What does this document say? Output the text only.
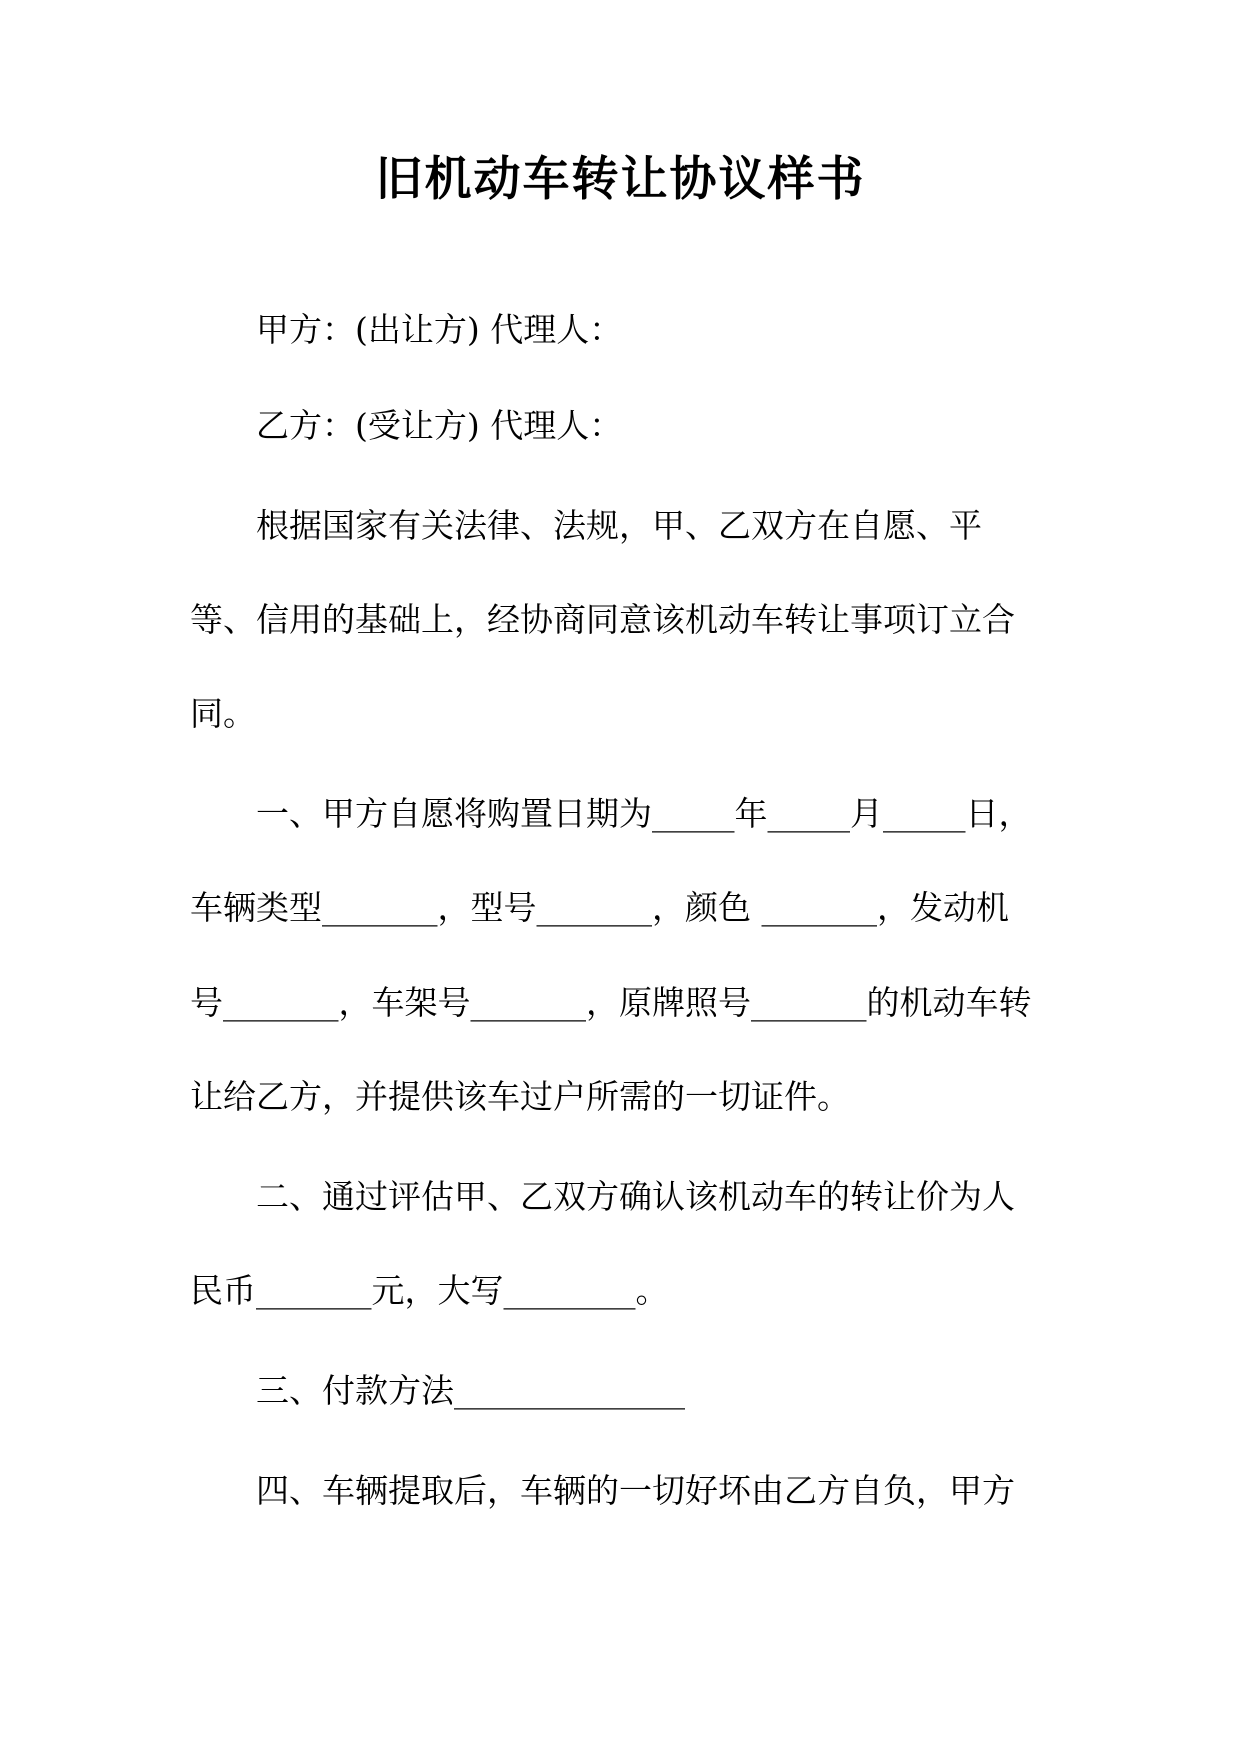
旧机动车转让协议样书
甲方：(出让方) 代理人：
乙方：(受让方) 代理人：
根据国家有关法律、法规，甲、乙双方在自愿、平
等、信用的基础上，经协商同意该机动车转让事项订立合
同。
一、甲方自愿将购置日期为_____年_____月_____日，
车辆类型_______，型号_______，颜色 _______，发动机
号_______，车架号_______，原牌照号_______的机动车转
让给乙方，并提供该车过户所需的一切证件。
二、通过评估甲、乙双方确认该机动车的转让价为人
民币_______元，大写________。
三、付款方法______________
四、车辆提取后，车辆的一切好坏由乙方自负，甲方
